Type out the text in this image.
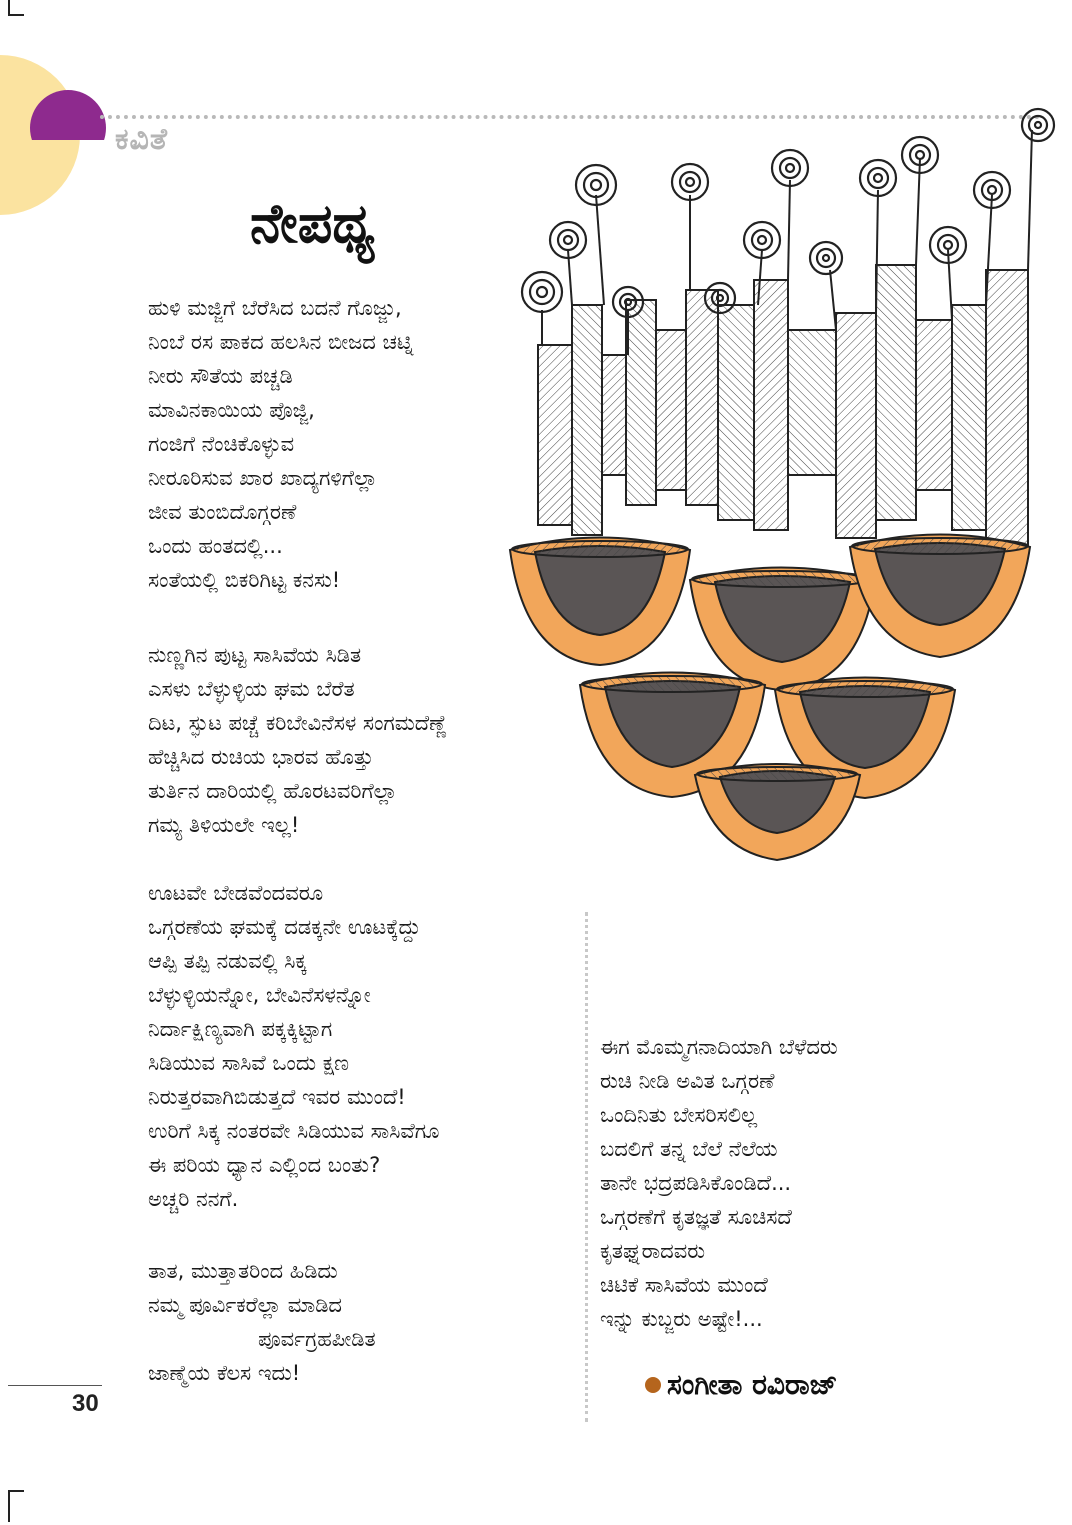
ಕವಿತೆ
ನೇಪಥ್ಯ
ಹುಳಿ ಮಜ್ಜಿಗೆ ಬೆರೆಸಿದ ಬದನೆ ಗೊಜ್ಜು,
ನಿಂಬೆ ರಸ ಪಾಕದ ಹಲಸಿನ ಬೀಜದ ಚಟ್ನಿ
ನೀರು ಸೌತೆಯ ಪಚ್ಚಡಿ
ಮಾವಿನಕಾಯಿಯ ಪೊಜ್ಜಿ,
ಗಂಜಿಗೆ ನೆಂಚಿಕೊಳ್ಳುವ
ನೀರೂರಿಸುವ ಖಾರ ಖಾದ್ಯಗಳಿಗೆಲ್ಲಾ
ಜೀವ ತುಂಬಿದೊಗ್ಗರಣೆ
ಒಂದು ಹಂತದಲ್ಲಿ...
ಸಂತೆಯಲ್ಲಿ ಬಿಕರಿಗಿಟ್ಟ ಕನಸು!
ನುಣ್ಣಗಿನ ಪುಟ್ಟ ಸಾಸಿವೆಯ ಸಿಡಿತ
ಎಸಳು ಬೆಳ್ಳುಳ್ಳಿಯ ಘಮ ಬೆರೆತ
ದಿಟ, ಸ್ಫುಟ ಪಚ್ಚೆ ಕರಿಬೇವಿನೆಸಳ ಸಂಗಮದೆಣ್ಣೆ
ಹೆಚ್ಚಿಸಿದ ರುಚಿಯ ಭಾರವ ಹೊತ್ತು
ತುರ್ತಿನ ದಾರಿಯಲ್ಲಿ ಹೊರಟವರಿಗೆಲ್ಲಾ
ಗಮ್ಯ ತಿಳಿಯಲೇ ಇಲ್ಲ!
ಊಟವೇ ಬೇಡವೆಂದವರೂ
ಒಗ್ಗರಣೆಯ ಘಮಕ್ಕೆ ದಡಕ್ಕನೇ ಊಟಕ್ಕೆದ್ದು
ಆಪ್ಪಿ ತಪ್ಪಿ ನಡುವಲ್ಲಿ ಸಿಕ್ಕ
ಬೆಳ್ಳುಳ್ಳಿಯನ್ನೋ, ಬೇವಿನೆಸಳನ್ನೋ
ನಿರ್ದಾಕ್ಷಿಣ್ಯವಾಗಿ ಪಕ್ಕಕ್ಕಿಟ್ಟಾಗ
ಸಿಡಿಯುವ ಸಾಸಿವೆ ಒಂದು ಕ್ಷಣ
ನಿರುತ್ತರವಾಗಿಬಿಡುತ್ತದೆ ಇವರ ಮುಂದೆ!
ಉರಿಗೆ ಸಿಕ್ಕ ನಂತರವೇ ಸಿಡಿಯುವ ಸಾಸಿವೆಗೂ
ಈ ಪರಿಯ ಧ್ಯಾನ ಎಲ್ಲಿಂದ ಬಂತು?
ಅಚ್ಚರಿ ನನಗೆ.
ತಾತ, ಮುತ್ತಾತರಿಂದ ಹಿಡಿದು
ನಮ್ಮ ಪೂರ್ವಿಕರೆಲ್ಲಾ ಮಾಡಿದ
ಪೂರ್ವಗ್ರಹಪೀಡಿತ
ಜಾಣ್ಮೆಯ ಕೆಲಸ ಇದು!
ಈಗ ಮೊಮ್ಮಗನಾದಿಯಾಗಿ ಬೆಳೆದರು
ರುಚಿ ನೀಡಿ ಅವಿತ ಒಗ್ಗರಣೆ
ಒಂದಿನಿತು ಬೇಸರಿಸಲಿಲ್ಲ
ಬದಲಿಗೆ ತನ್ನ ಬೆಲೆ ನೆಲೆಯ
ತಾನೇ ಭದ್ರಪಡಿಸಿಕೊಂಡಿದೆ...
ಒಗ್ಗರಣೆಗೆ ಕೃತಜ್ಞತೆ ಸೂಚಿಸದೆ
ಕೃತಘ್ನರಾದವರು
ಚಿಟಿಕೆ ಸಾಸಿವೆಯ ಮುಂದೆ
ಇನ್ನು ಕುಬ್ಜರು ಅಷ್ಟೇ!...
ಸಂಗೀತಾ ರವಿರಾಜ್
30
